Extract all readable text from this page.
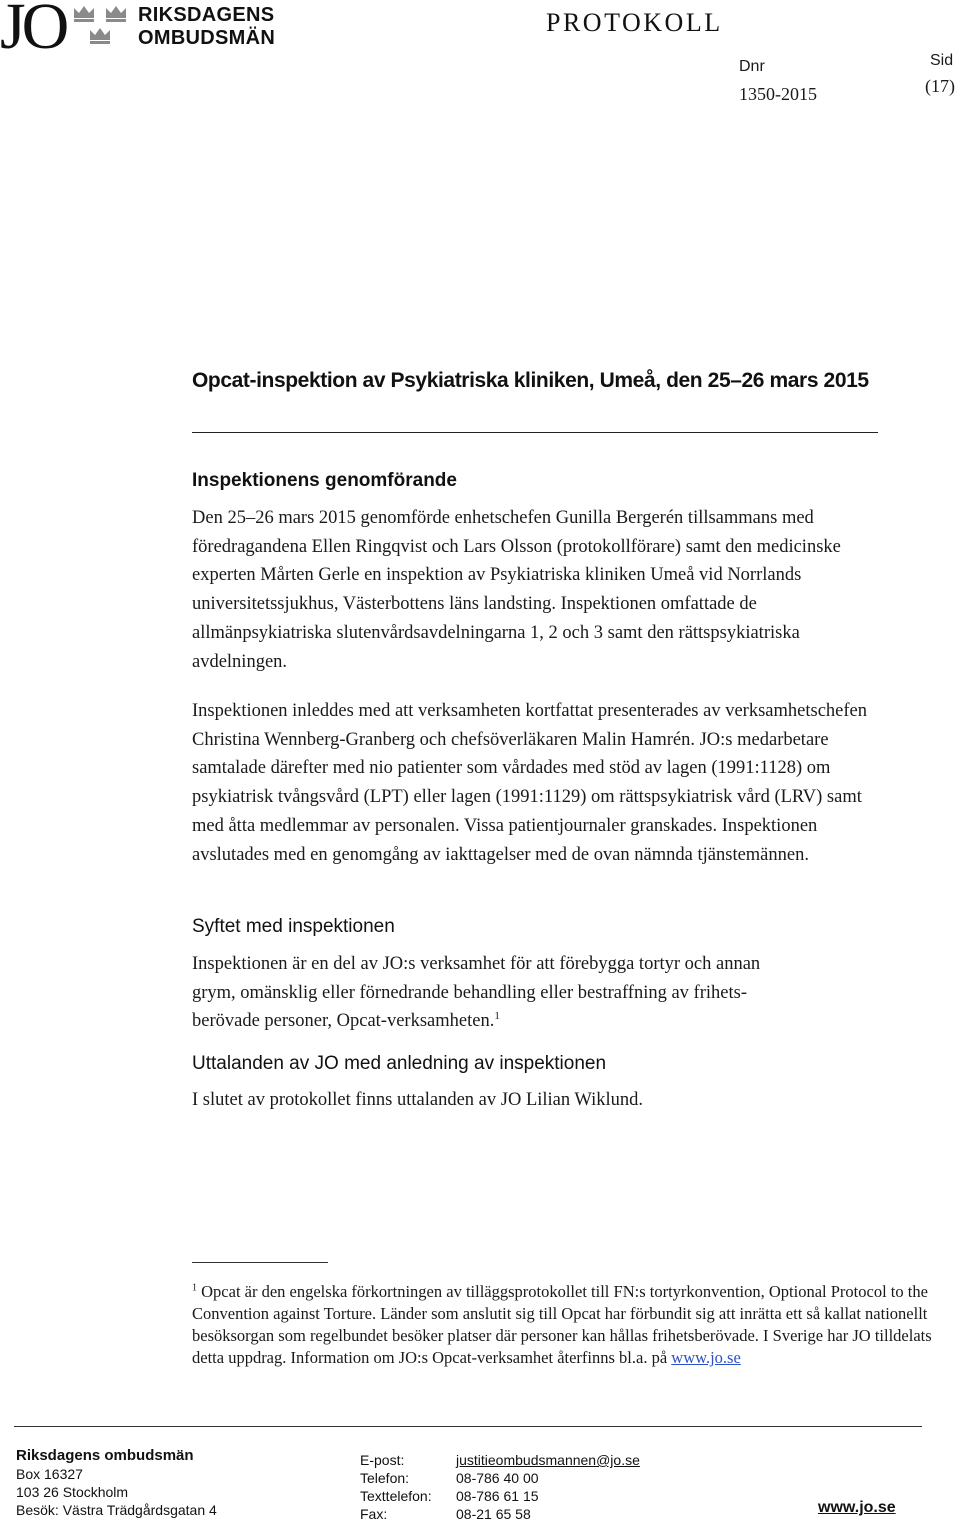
JO	RIKSDAGENS
OMBUDSMÄN
PROTOKOLL
Dnr
1350-2015
Sid
(17)
Opcat-inspektion av Psykiatriska kliniken, Umeå, den 25–26 mars 2015
Inspektionens genomförande

Den 25–26 mars 2015 genomförde enhetschefen Gunilla Bergerén tillsammans med föredragandena Ellen Ringqvist och Lars Olsson (protokollförare) samt den medicinske experten Mårten Gerle en inspektion av Psykiatriska kliniken Umeå vid Norrlands universitetssjukhus, Västerbottens läns landsting. Inspektionen omfattade de allmänpsykiatriska slutenvårdsavdelningarna 1, 2 och 3 samt den rättspsykiatriska avdelningen.

Inspektionen inleddes med att verksamheten kortfattat presenterades av verksamhetschefen Christina Wennberg-Granberg och chefsöverläkaren Malin Hamrén. JO:s medarbetare samtalade därefter med nio patienter som vårdades med stöd av lagen (1991:1128) om psykiatrisk tvångsvård (LPT) eller lagen (1991:1129) om rättspsykiatrisk vård (LRV) samt med åtta medlemmar av personalen. Vissa patientjournaler granskades. Inspektionen avslutades med en genomgång av iakttagelser med de ovan nämnda tjänstemännen.

Syftet med inspektionen

Inspektionen är en del av JO:s verksamhet för att förebygga tortyr och annan
grym, omänsklig eller förnedrande behandling eller bestraffning av frihets-
berövade personer, Opcat-verksamheten.$^1$

Uttalanden av JO med anledning av inspektionen

I slutet av protokollet finns uttalanden av JO Lilian Wiklund.

$^1$ Opcat är den engelska förkortningen av tilläggsprotokollet till FN:s tortyrkonvention, Optional Protocol to the Convention against Torture. Länder som anslutit sig till Opcat har förbundit sig att inrätta ett så kallat nationellt besöksorgan som regelbundet besöker platser där personer kan hållas frihetsberövade. I Sverige har JO tilldelats detta uppdrag. Information om JO:s Opcat-verksamhet återfinns bl.a. på www.jo.se

Riksdagens ombudsmän
Box 16327
103 26 Stockholm
Besök: Västra Trädgårdsgatan 4
E-post:
Telefon:
Texttelefon:
Fax:
justitieombudsmannen@jo.se
08-786 40 00
08-786 61 15
08-21 65 58	www.jo.se
